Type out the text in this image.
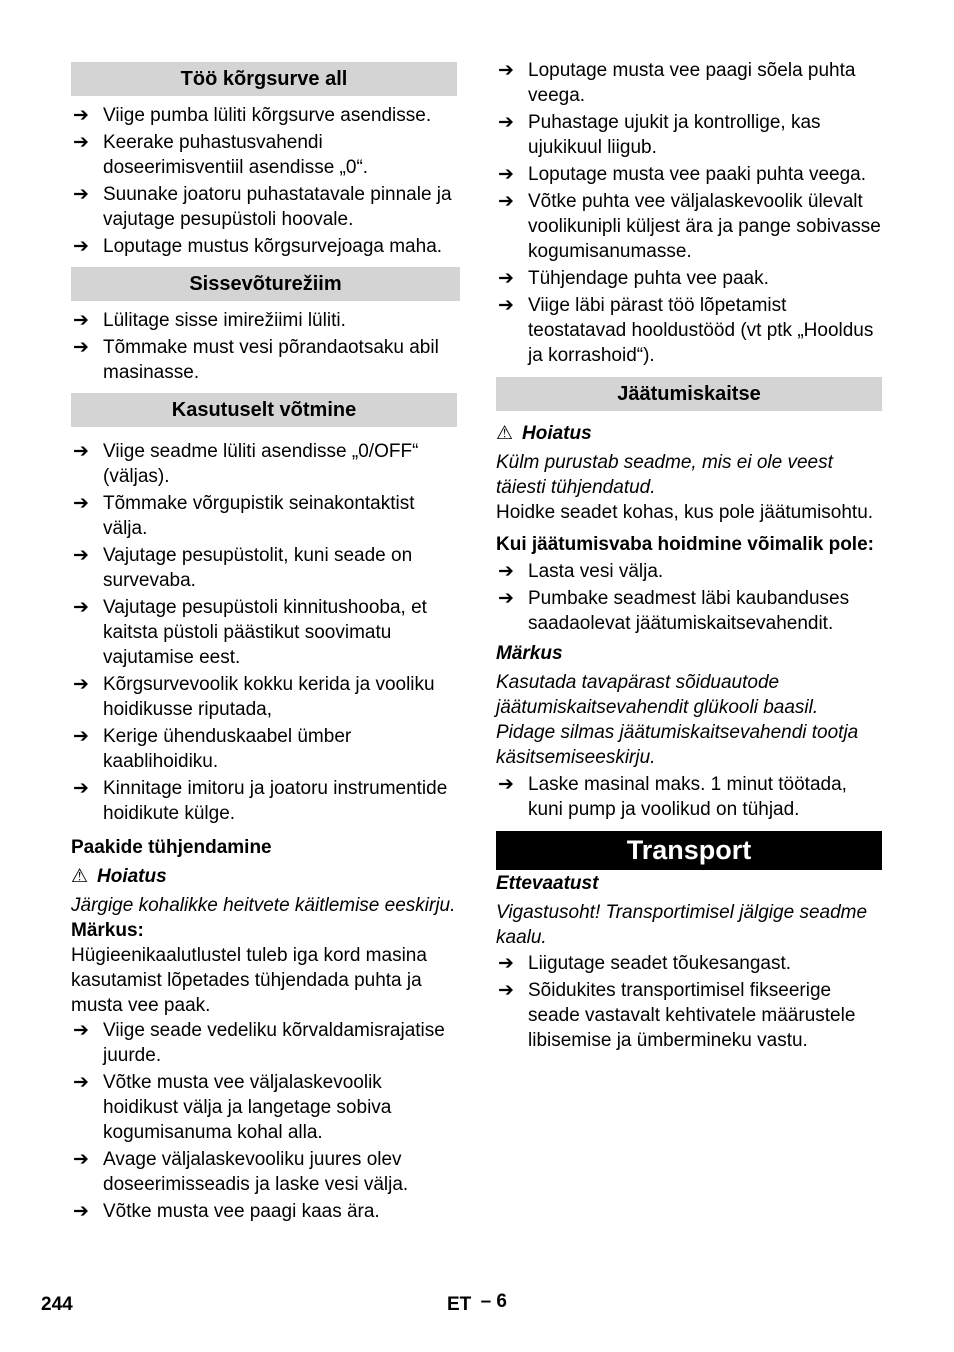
Töö kõrgsurve all
➔ Viige pumba lüliti kõrgsurve asendisse.
➔ Keerake puhastusvahendi doseerimisventiil asendisse „0“.
➔ Suunake joatoru puhastatavale pinnale ja vajutage pesupüstoli hoovale.
➔ Loputage mustus kõrgsurvejoaga maha.
Sissevõturežiim
➔ Lülitage sisse imirežiimi lüliti.
➔ Tõmmake must vesi põrandaotsaku abil masinasse.
Kasutuselt võtmine
➔ Viige seadme lüliti asendisse „0/OFF“ (väljas).
➔ Tõmmake võrgupistik seinakontaktist välja.
➔ Vajutage pesupüstolit, kuni seade on survevaba.
➔ Vajutage pesupüstoli kinnitushooba, et kaitsta püstoli päästikut soovimatu vajutamise eest.
➔ Kõrgsurvevoolik kokku kerida ja vooliku hoidikusse riputada,
➔ Kerige ühenduskaabel ümber kaablihoidiku.
➔ Kinnitage imitoru ja joatoru instrumentide hoidikute külge.
Paakide tühjendamine
⚠ Hoiatus
Järgige kohalikke heitvete käitlemise eeskirju.
Märkus:
Hügieenikaalutlustel tuleb iga kord masina kasutamist lõpetades tühjendada puhta ja musta vee paak.
➔ Viige seade vedeliku kõrvaldamisrajatise juurde.
➔ Võtke musta vee väljalaskevoolik hoidikust välja ja langetage sobiva kogumisanuma kohal alla.
➔ Avage väljalaskevooliku juures olev doseerimisseadis ja laske vesi välja.
➔ Võtke musta vee paagi kaas ära.
➔ Loputage musta vee paagi sõela puhta veega.
➔ Puhastage ujukit ja kontrollige, kas ujukikuul liigub.
➔ Loputage musta vee paaki puhta veega.
➔ Võtke puhta vee väljalaskevoolik ülevalt voolikunipli küljest ära ja pange sobivasse kogumisanumasse.
➔ Tühjendage puhta vee paak.
➔ Viige läbi pärast töö lõpetamist teostatavad hooldustööd (vt ptk „Hooldus ja korrashoid“).
Jäätumiskaitse
⚠ Hoiatus
Külm purustab seadme, mis ei ole veest täiesti tühjendatud.
Hoidke seadet kohas, kus pole jäätumisohtu.
Kui jäätumisvaba hoidmine võimalik pole:
➔ Lasta vesi välja.
➔ Pumbake seadmest läbi kaubanduses saadaolevat jäätumiskaitsevahendit.
Märkus
Kasutada tavapärast sõiduautode jäätumiskaitsevahendit glükooli baasil. Pidage silmas jäätumiskaitsevahendi tootja käsitsemiseeskirju.
➔ Laske masinal maks. 1 minut töötada, kuni pump ja voolikud on tühjad.
Transport
Ettevaatust
Vigastusoht! Transportimisel jälgige seadme kaalu.
➔ Liigutage seadet tõukesangast.
➔ Sõidukites transportimisel fikseerige seade vastavalt kehtivatele määrustele libisemise ja ümbermineku vastu.
244	ET – 6
